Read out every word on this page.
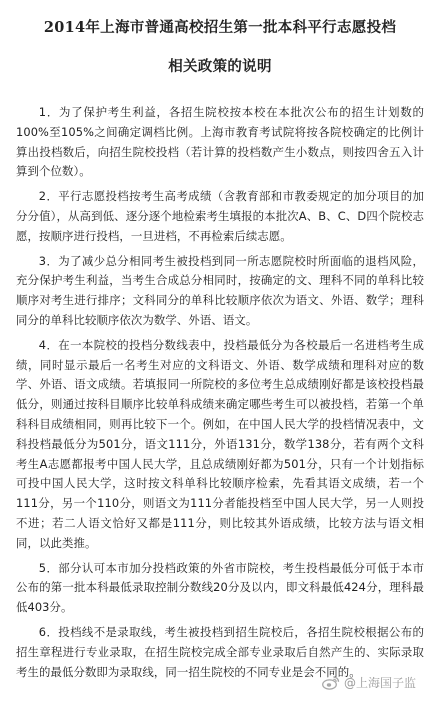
2014年上海市普通高校招生第一批本科平行志愿投档
相关政策的说明

1．为了保护考生利益，各招生院校按本校在本批次公布的招生计划数的100%至105%之间确定调档比例。上海市教育考试院将按各院校确定的比例计算出投档数后，向招生院校投档（若计算的投档数产生小数点，则按四舍五入计算到个位数）。

2．平行志愿投档按考生高考成绩（含教育部和市教委规定的加分项目的加分分值），从高到低、逐分逐个地检索考生填报的本批次A、B、C、D四个院校志愿，按顺序进行投档，一旦进档，不再检索后续志愿。

3．为了减少总分相同考生被投档到同一所志愿院校时所面临的退档风险，充分保护考生利益，当考生合成总分相同时，按确定的文、理科不同的单科比较顺序对考生进行排序；文科同分的单科比较顺序依次为语文、外语、数学；理科同分的单科比较顺序依次为数学、外语、语文。

4．在一本院校的投档分数线表中，投档最低分为各校最后一名进档考生成绩，同时显示最后一名考生对应的文科语文、外语、数学成绩和理科对应的数学、外语、语文成绩。若填报同一所院校的多位考生总成绩刚好都是该校投档最低分，则通过按科目顺序比较单科成绩来确定哪些考生可以被投档，若第一个单科科目成绩相同，则再比较下一个。例如，在中国人民大学的投档情况表中，文科投档最低分为501分，语文111分，外语131分，数学138分，若有两个文科考生A志愿都报考中国人民大学，且总成绩刚好都为501分，只有一个计划指标可投中国人民大学，这时按文科单科比较顺序检索，先看其语文成绩，若一个111分，另一个110分，则语文为111分者能投档至中国人民大学，另一人则投不进；若二人语文恰好又都是111分，则比较其外语成绩，比较方法与语文相同，以此类推。

5．部分认可本市加分投档政策的外省市院校，考生投档最低分可低于本市公布的第一批本科最低录取控制分数线20分及以内，即文科最低424分，理科最低403分。

6．投档线不是录取线，考生被投档到招生院校后，各招生院校根据公布的招生章程进行专业录取，在招生院校完成全部专业录取后自然产生的、实际录取考生的最低分数即为录取线，同一招生院校的不同专业是会不同的。

@上海国子监
